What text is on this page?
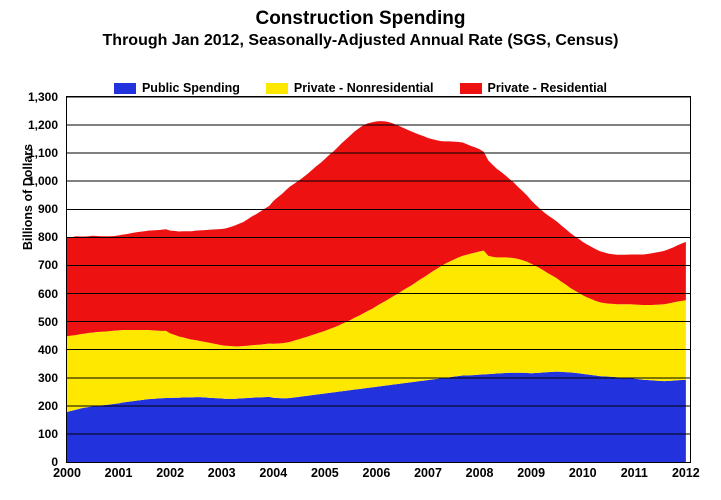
Construction Spending
Through Jan 2012, Seasonally-Adjusted Annual Rate (SGS, Census)
Public Spending	Private - Nonresidential	Private - Residential
Billions of Dollars
0
100
200
300
400
500
600
700
800
900
1,000
1,100
1,200
1,300
2000 2001 2002 2003 2004 2005 2006 2007 2008 2009 2010 2011 2012
